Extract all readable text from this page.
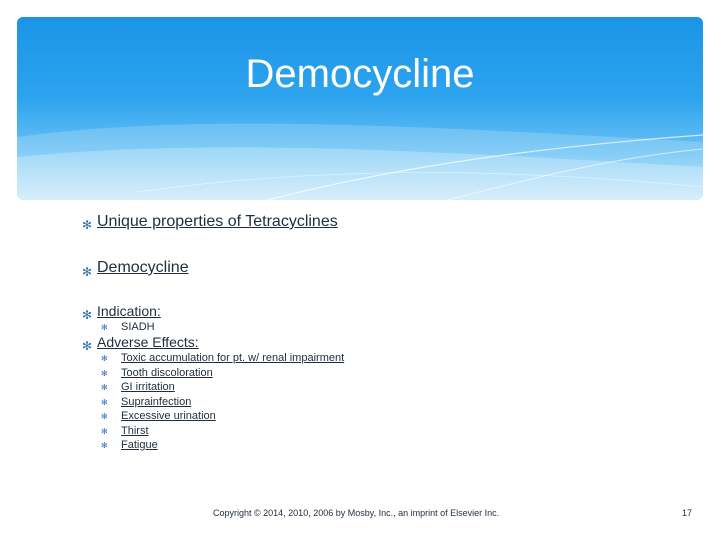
Democycline
✻ Unique properties of Tetracyclines
✻ Democycline
✻ Indication:
✻ SIADH
✻ Adverse Effects:
✻ Toxic accumulation for pt. w/ renal impairment
✻ Tooth discoloration
✻ GI irritation
✻ Suprainfection
✻ Excessive urination
✻ Thirst
✻ Fatigue
Copyright © 2014, 2010, 2006 by Mosby, Inc., an imprint of Elsevier Inc.	17
